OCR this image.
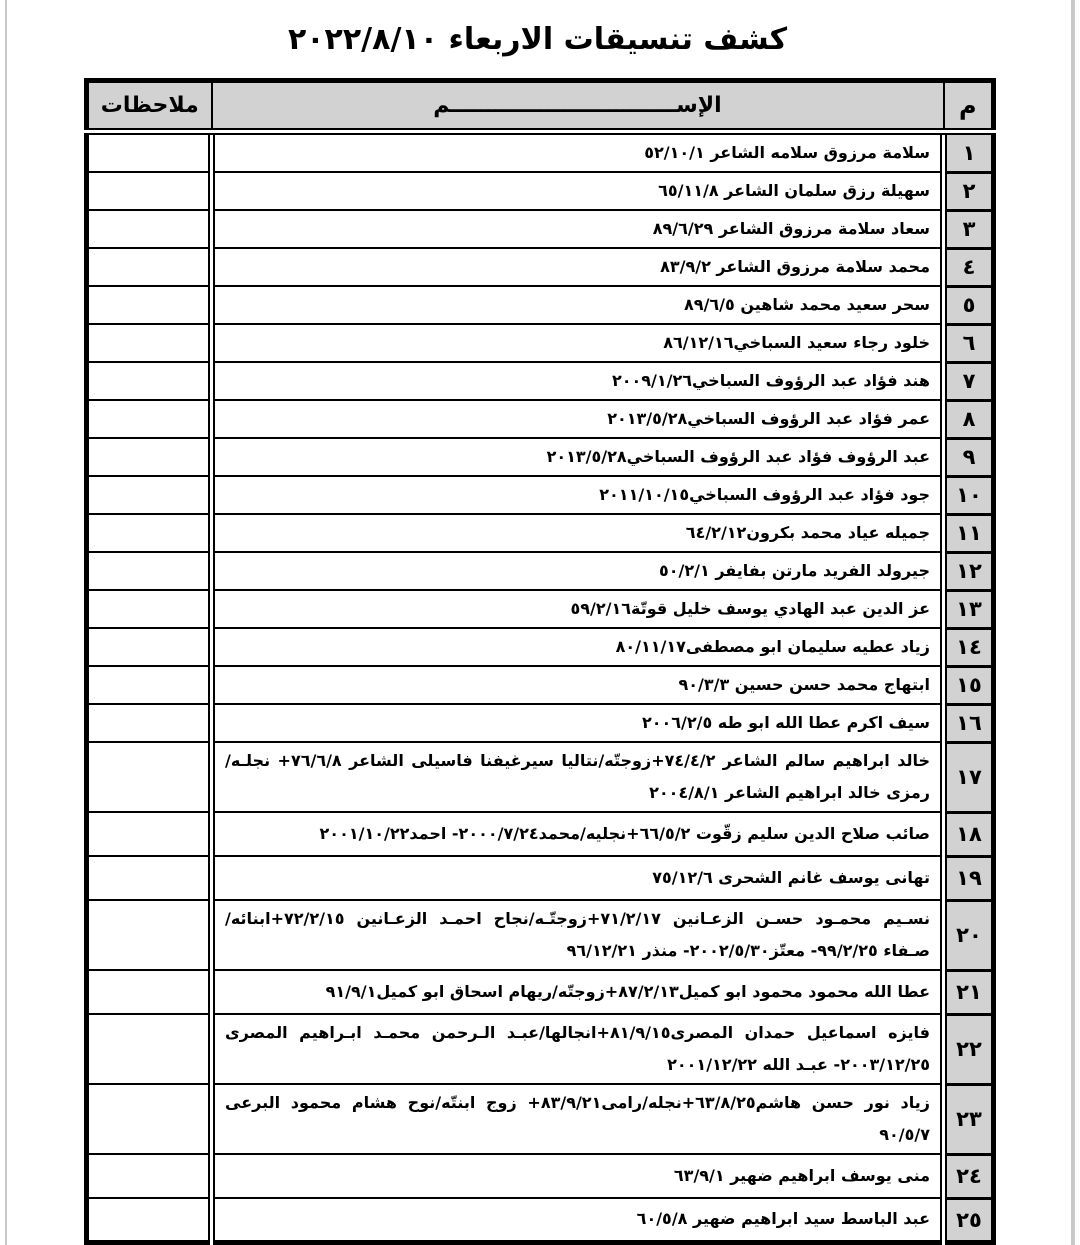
كشف تنسيقات الاربعاء ٢٠٢٢/٨/١٠
م	الإســــــــــــــــــــــــــــــم	ملاحظات
١	سلامة مرزوق سلامه الشاعر ٥٢/١٠/١	
٢	سهيلة رزق سلمان الشاعر ٦٥/١١/٨	
٣	سعاد سلامة مرزوق الشاعر ٨٩/٦/٢٩	
٤	محمد سلامة مرزوق الشاعر ٨٣/٩/٢	
٥	سحر سعيد محمد شاهين ٨٩/٦/٥	
٦	خلود رجاء سعيد السباخي٨٦/١٢/١٦	
٧	هند فؤاد عبد الرؤوف السباخي٢٠٠٩/١/٢٦	
٨	عمر فؤاد عبد الرؤوف السباخي٢٠١٣/٥/٢٨	
٩	عبد الرؤوف فؤاد عبد الرؤوف السباخي٢٠١٣/٥/٢٨	
١٠	جود فؤاد عبد الرؤوف السباخي٢٠١١/١٠/١٥	
١١	جميله عياد محمد بكرون٦٤/٢/١٢	
١٢	جيرولد الفريد مارتن بفايفر ٥٠/٢/١	
١٣	عز الدين عبد الهادي يوسف خليل قوتّة٥٩/٢/١٦	
١٤	زياد عطيه سليمان ابو مصطفى٨٠/١١/١٧	
١٥	ابتهاج محمد حسن حسين ٩٠/٣/٣	
١٦	سيف اكرم عطا الله ابو طه ٢٠٠٦/٢/٥	
١٧	خالد ابراهيم سالم الشاعر ٧٤/٤/٢+زوجتّه/نتاليا سيرغيفنا فاسيلى الشاعر ٧٦/٦/٨+ نجلـه/ رمزى خالد ابراهيم الشاعر ٢٠٠٤/٨/١	
١٨	صائب صلاح الدين سليم زقّوت ٦٦/٥/٢+نجليه/محمد٢٠٠٠/٧/٢٤- احمد٢٠٠١/١٠/٢٢	
١٩	تهانى يوسف غانم الشحرى ٧٥/١٢/٦	
٢٠	نسـيم محمـود حسـن الزعـانين ٧١/٢/١٧+زوجتّـه/نجاح احمـد الزعـانين ٧٢/٢/١٥+ابنائه/صـفاء ٩٩/٢/٢٥- معتّز٢٠٠٢/٥/٣٠- منذر ٩٦/١٢/٢١	
٢١	عطا الله محمود محمود ابو كميل٨٧/٢/١٣+زوجتّه/ريهام اسحاق ابو كميل٩١/٩/١	
٢٢	فايزه اسماعيل حمدان المصرى٨١/٩/١٥+انجالها/عبـد الـرحمن محمـد ابـراهيم المصرى ٢٠٠٣/١٢/٢٥- عبـد الله ٢٠٠١/١٢/٢٢	
٢٣	زياد نور حسن هاشم٦٣/٨/٢٥+نجله/رامى٨٣/٩/٢١+ زوج ابنتّه/نوح هشام محمود البرعى ٩٠/٥/٧	
٢٤	منى يوسف ابراهيم ضهير ٦٣/٩/١	
٢٥	عبد الباسط سيد ابراهيم ضهير ٦٠/٥/٨	
